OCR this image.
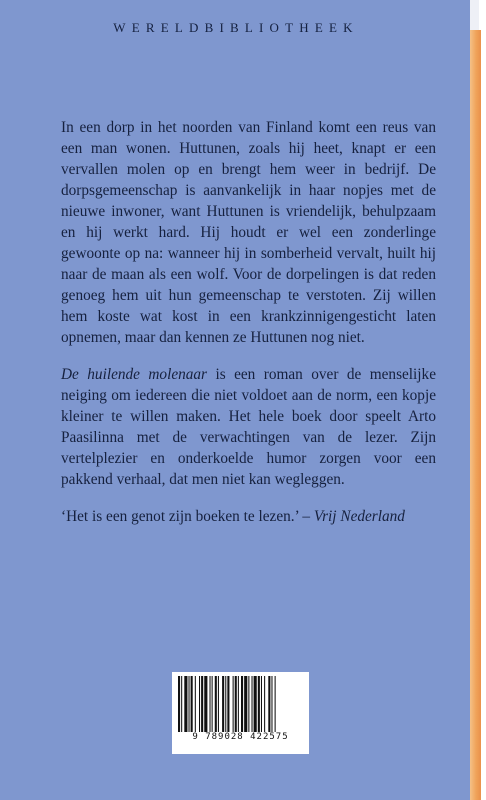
WERELDBIBLIOTHEEK

In een dorp in het noorden van Finland komt een reus van een man wonen. Huttunen, zoals hij heet, knapt er een vervallen molen op en brengt hem weer in bedrijf. De dorpsgemeenschap is aanvankelijk in haar nopjes met de nieuwe inwoner, want Huttunen is vriendelijk, behulpzaam en hij werkt hard. Hij houdt er wel een zonderlinge gewoonte op na: wanneer hij in somberheid vervalt, huilt hij naar de maan als een wolf. Voor de dorpelingen is dat reden genoeg hem uit hun gemeenschap te verstoten. Zij willen hem koste wat kost in een krankzinnigengesticht laten opnemen, maar dan kennen ze Huttunen nog niet.

De huilende molenaar is een roman over de menselijke neiging om iedereen die niet voldoet aan de norm, een kopje kleiner te willen maken. Het hele boek door speelt Arto Paasilinna met de verwachtingen van de lezer. Zijn vertelplezier en onderkoelde humor zorgen voor een pakkend verhaal, dat men niet kan wegleggen.

‘Het is een genot zijn boeken te lezen.’ – Vrij Nederland

9 789028 422575
